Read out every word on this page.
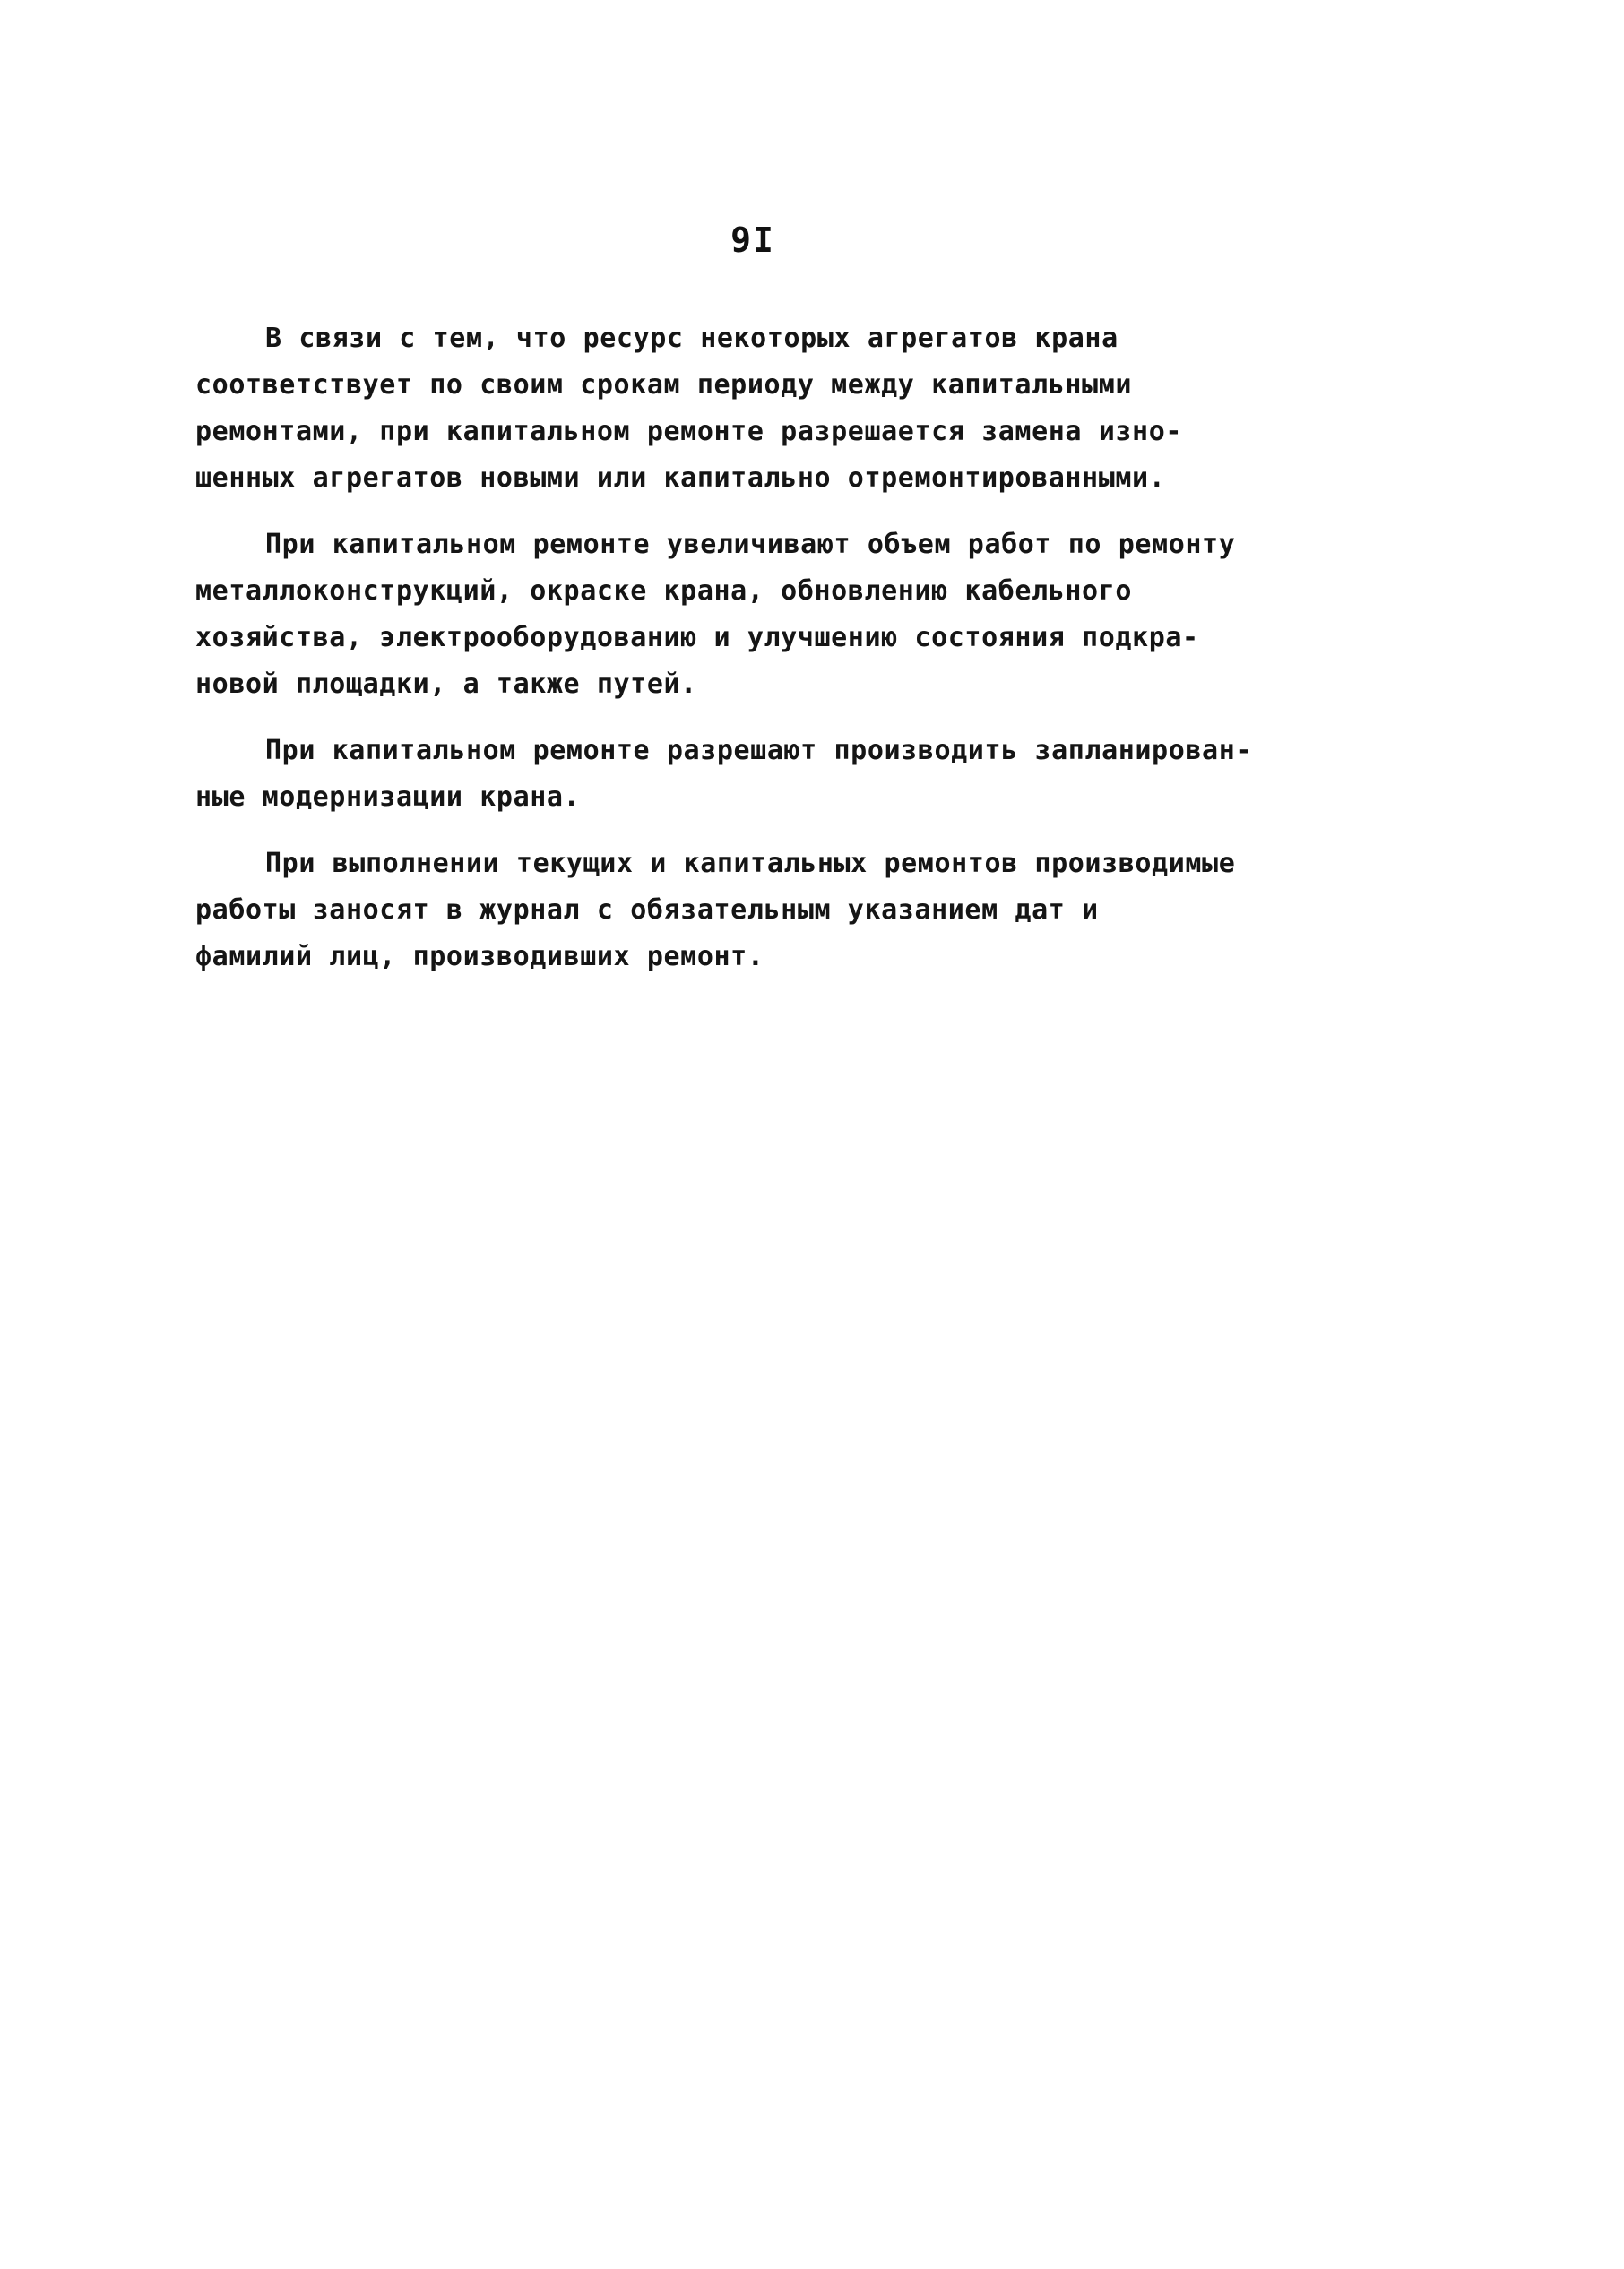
9I
В связи с тем, что ресурс некоторых агрегатов крана
соответствует по своим срокам периоду между капитальными
ремонтами, при капитальном ремонте разрешается замена изно-
шенных агрегатов новыми или капитально отремонтированными.
При капитальном ремонте увеличивают объем работ по ремонту
металлоконструкций, окраске крана, обновлению кабельного
хозяйства, электрооборудованию и улучшению состояния подкра-
новой площадки, а также путей.
При капитальном ремонте разрешают производить запланирован-
ные модернизации крана.
При выполнении текущих и капитальных ремонтов производимые
работы заносят в журнал с обязательным указанием дат и
фамилий лиц, производивших ремонт.
